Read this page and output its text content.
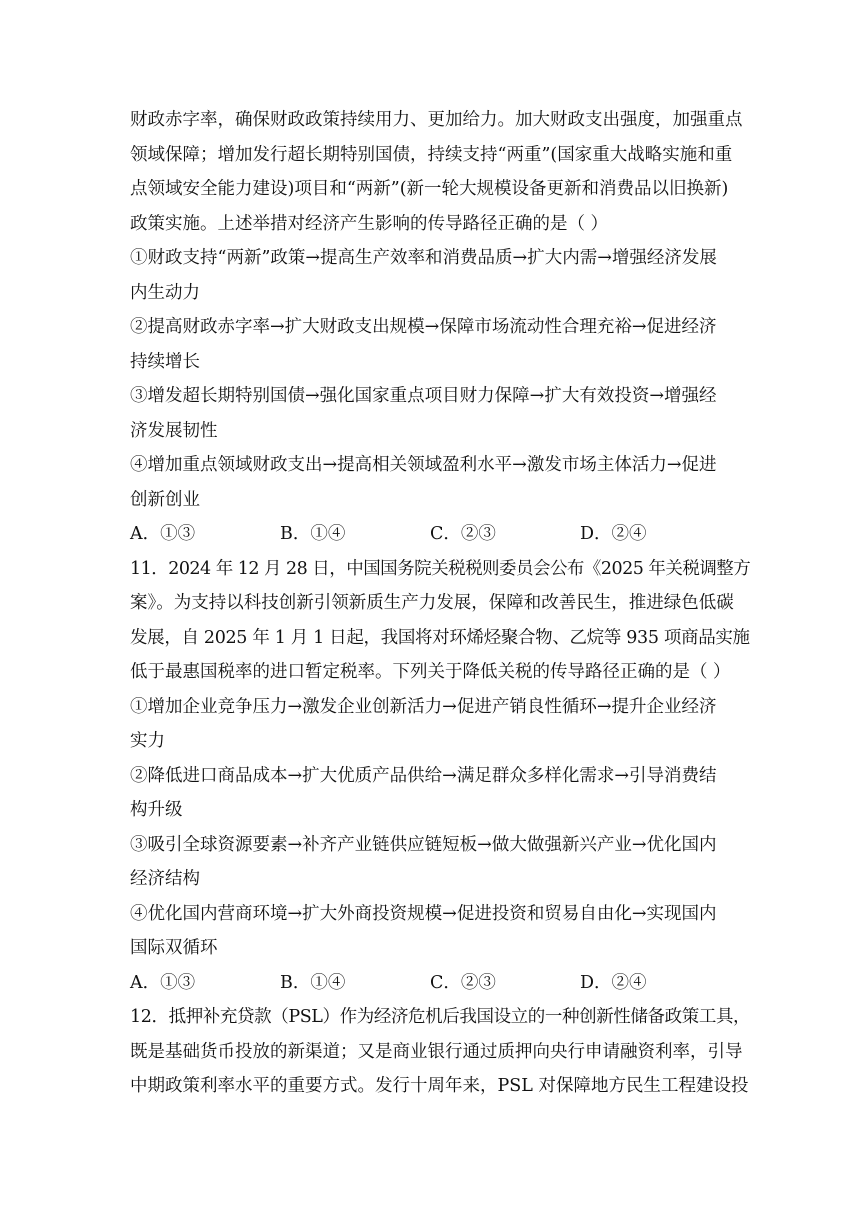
财政赤字率，确保财政政策持续用力、更加给力。加大财政支出强度，加强重点
领域保障；增加发行超长期特别国债，持续支持“两重”(国家重大战略实施和重
点领域安全能力建设)项目和“两新”(新一轮大规模设备更新和消费品以旧换新)
政策实施。上述举措对经济产生影响的传导路径正确的是（ ）
①财政支持“两新”政策→提高生产效率和消费品质→扩大内需→增强经济发展
内生动力
②提高财政赤字率→扩大财政支出规模→保障市场流动性合理充裕→促进经济
持续增长
③增发超长期特别国债→强化国家重点项目财力保障→扩大有效投资→增强经
济发展韧性
④增加重点领域财政支出→提高相关领域盈利水平→激发市场主体活力→促进
创新创业
A．①③	B．①④	C．②③	D．②④
11．2024 年 12 月 28 日，中国国务院关税税则委员会公布《2025 年关税调整方
案》。为支持以科技创新引领新质生产力发展，保障和改善民生，推进绿色低碳
发展，自 2025 年 1 月 1 日起，我国将对环烯烃聚合物、乙烷等 935 项商品实施
低于最惠国税率的进口暂定税率。下列关于降低关税的传导路径正确的是（ ）
①增加企业竞争压力→激发企业创新活力→促进产销良性循环→提升企业经济
实力
②降低进口商品成本→扩大优质产品供给→满足群众多样化需求→引导消费结
构升级
③吸引全球资源要素→补齐产业链供应链短板→做大做强新兴产业→优化国内
经济结构
④优化国内营商环境→扩大外商投资规模→促进投资和贸易自由化→实现国内
国际双循环
A．①③	B．①④	C．②③	D．②④
12．抵押补充贷款（PSL）作为经济危机后我国设立的一种创新性储备政策工具，
既是基础货币投放的新渠道；又是商业银行通过质押向央行申请融资利率，引导
中期政策利率水平的重要方式。发行十周年来，PSL 对保障地方民生工程建设投
